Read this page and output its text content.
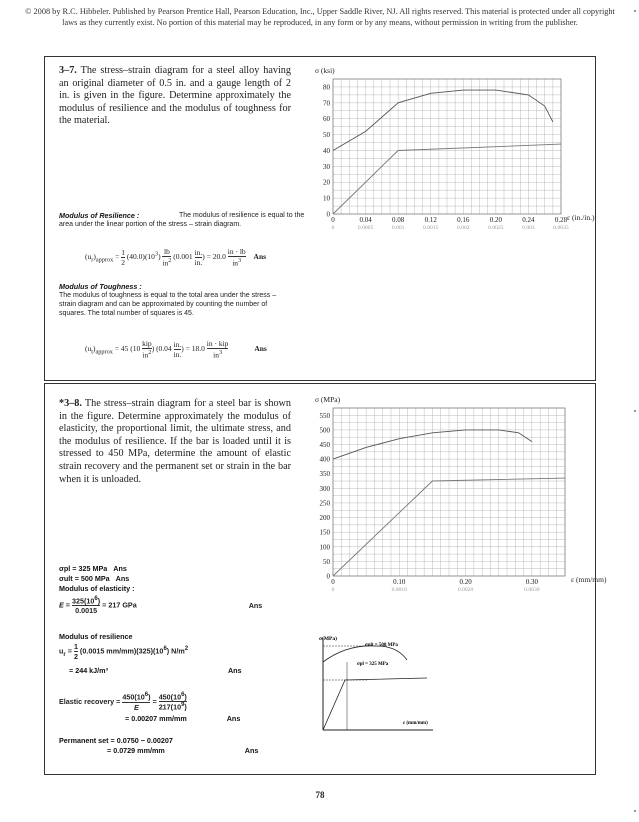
© 2008 by R.C. Hibbeler. Published by Pearson Prentice Hall, Pearson Education, Inc., Upper Saddle River, NJ. All rights reserved. This material is protected under all copyright laws as they currently exist. No portion of this material may be reproduced, in any form or by any means, without permission in writing from the publisher.
3–7. The stress–strain diagram for a steel alloy having an original diameter of 0.5 in. and a gauge length of 2 in. is given in the figure. Determine approximately the modulus of resilience and the modulus of toughness for the material.
0
10
20
30
40
50
60
70
80
0	0.04	0.08	0.12	0.16	0.20	0.24	0.28
0	0.0005	0.001	0.0015	0.002	0.0025	0.003	0.0035
σ (ksi)
ε (in./in.)
Modulus of Resilience :	The modulus of resilience is equal to the area under the linear portion of the stress – strain diagram.
$(u_r)_{approx} = 1$
2 $(40.0)(10^3)$
lb
$in^2$ (0.001 in.
in.) = 20.0
in · lb
$in^3$ Ans
Modulus of Toughness :
The modulus of toughness is equal to the total area under the stress – strain diagram and can be approximated by counting the number of squares. The total number of squares is 45.
$(u_t)_{approx} = 45$ (10
kip
$in^2$) (0.04 in.
in.) = 18.0
in · kip
$in^3$	Ans
*3–8. The stress–strain diagram for a steel bar is shown in the figure. Determine approximately the modulus of elasticity, the proportional limit, the ultimate stress, and the modulus of resilience. If the bar is loaded until it is stressed to 450 MPa, determine the amount of elastic strain recovery and the permanent set or strain in the bar when it is unloaded.
0
50
100
150
200
250
300
350
400
450
500
550
0	0.10	0.20	0.30
0	0.0010	0.0020	0.0030
σ (MPa)
ε (mm/mm)
σpl = 325 MPa Ans
σult = 500 MPa Ans
Modulus of elasticity :
$E = 325(10^6)$
0.0015 = 217 GPa	Ans
Modulus of resilience
$u_r = 1$
2 (0.0015 $mm/mm)(325)(10^6)$ $N/m^2$
= 244 kJ/m³	Ans
Elastic recovery = $\frac{450(10^6)}{E} = 450(10^6)$
$217(10^9)$
= 0.00207 mm/mm	Ans
Permanent set = 0.0750 − 0.00207
= 0.0729 mm/mm	Ans
σ(MPa)
σult = 500 MPa
σpl = 325 MPa
ε (mm/mm)
78
